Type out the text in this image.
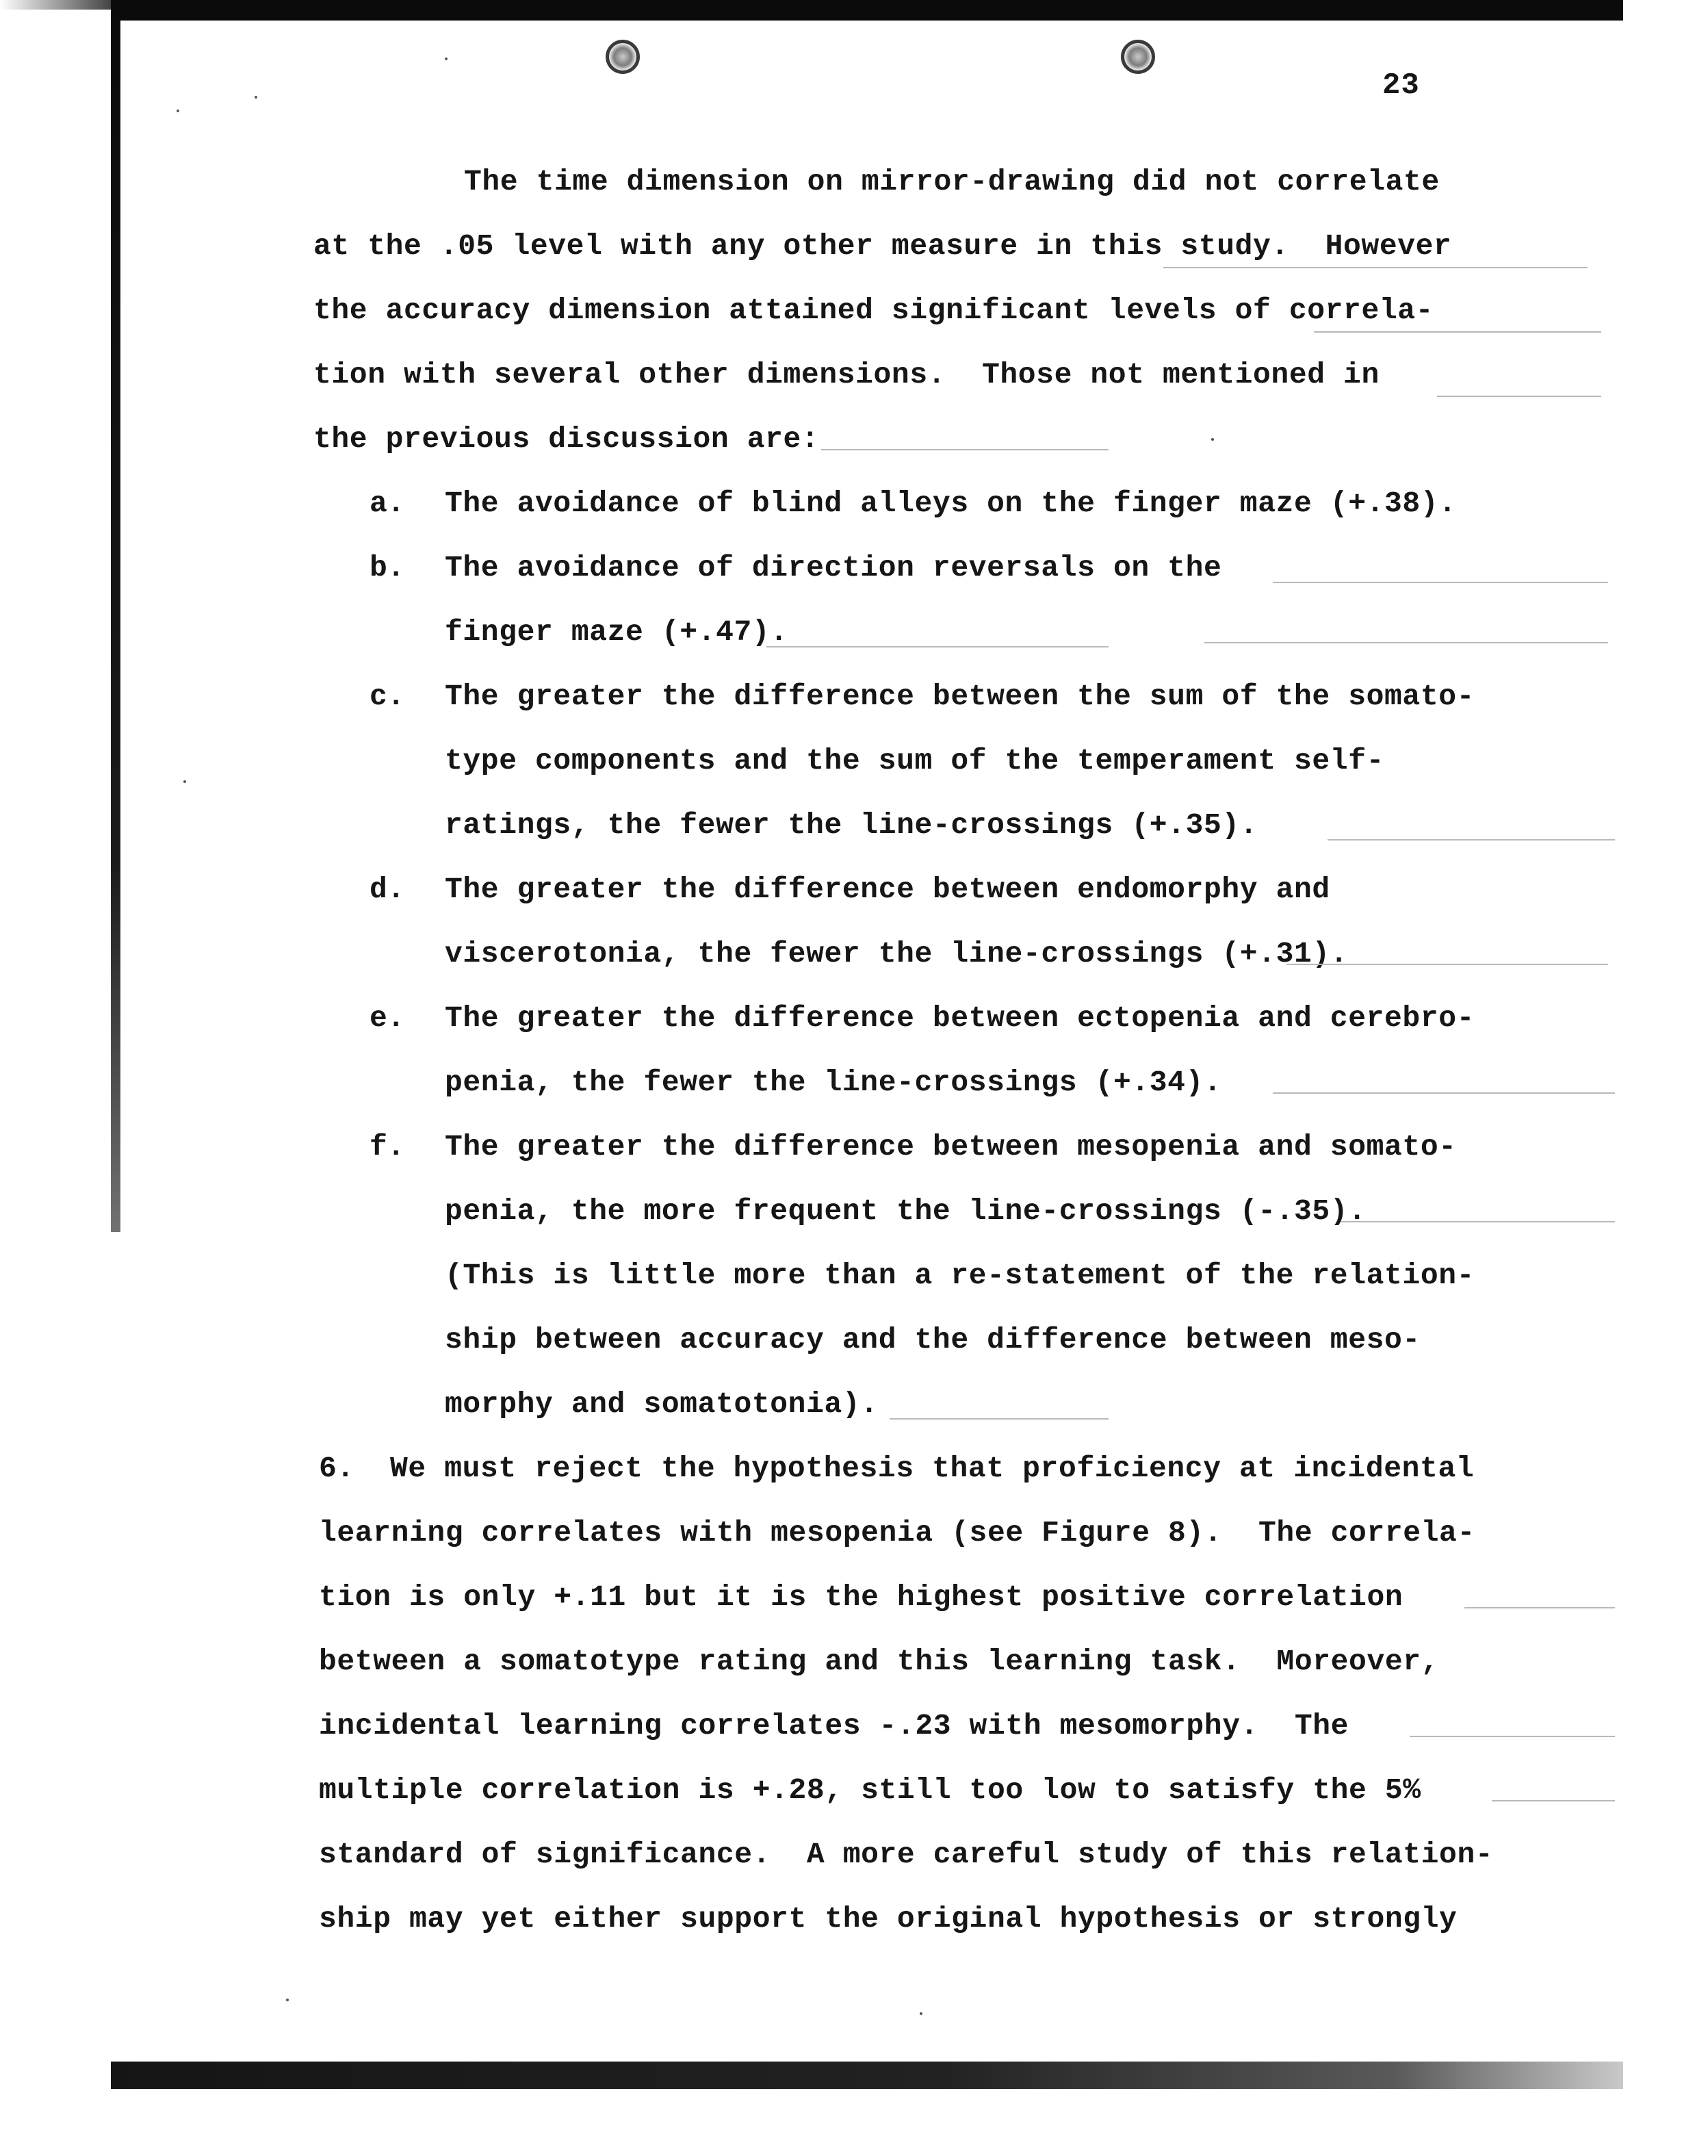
23
The time dimension on mirror-drawing did not correlate
at the .05 level with any other measure in this study.  However
the accuracy dimension attained significant levels of correla-
tion with several other dimensions.  Those not mentioned in
the previous discussion are:
a. The avoidance of blind alleys on the finger maze (+.38).
b. The avoidance of direction reversals on the
finger maze (+.47).
c. The greater the difference between the sum of the somato-
type components and the sum of the temperament self-
ratings, the fewer the line-crossings (+.35).
d. The greater the difference between endomorphy and
viscerotonia, the fewer the line-crossings (+.31).
e. The greater the difference between ectopenia and cerebro-
penia, the fewer the line-crossings (+.34).
f. The greater the difference between mesopenia and somato-
penia, the more frequent the line-crossings (-.35).
(This is little more than a re-statement of the relation-
ship between accuracy and the difference between meso-
morphy and somatotonia).
6. We must reject the hypothesis that proficiency at incidental
learning correlates with mesopenia (see Figure 8).  The correla-
tion is only +.11 but it is the highest positive correlation
between a somatotype rating and this learning task.  Moreover,
incidental learning correlates -.23 with mesomorphy.  The
multiple correlation is +.28, still too low to satisfy the 5%
standard of significance.  A more careful study of this relation-
ship may yet either support the original hypothesis or strongly
